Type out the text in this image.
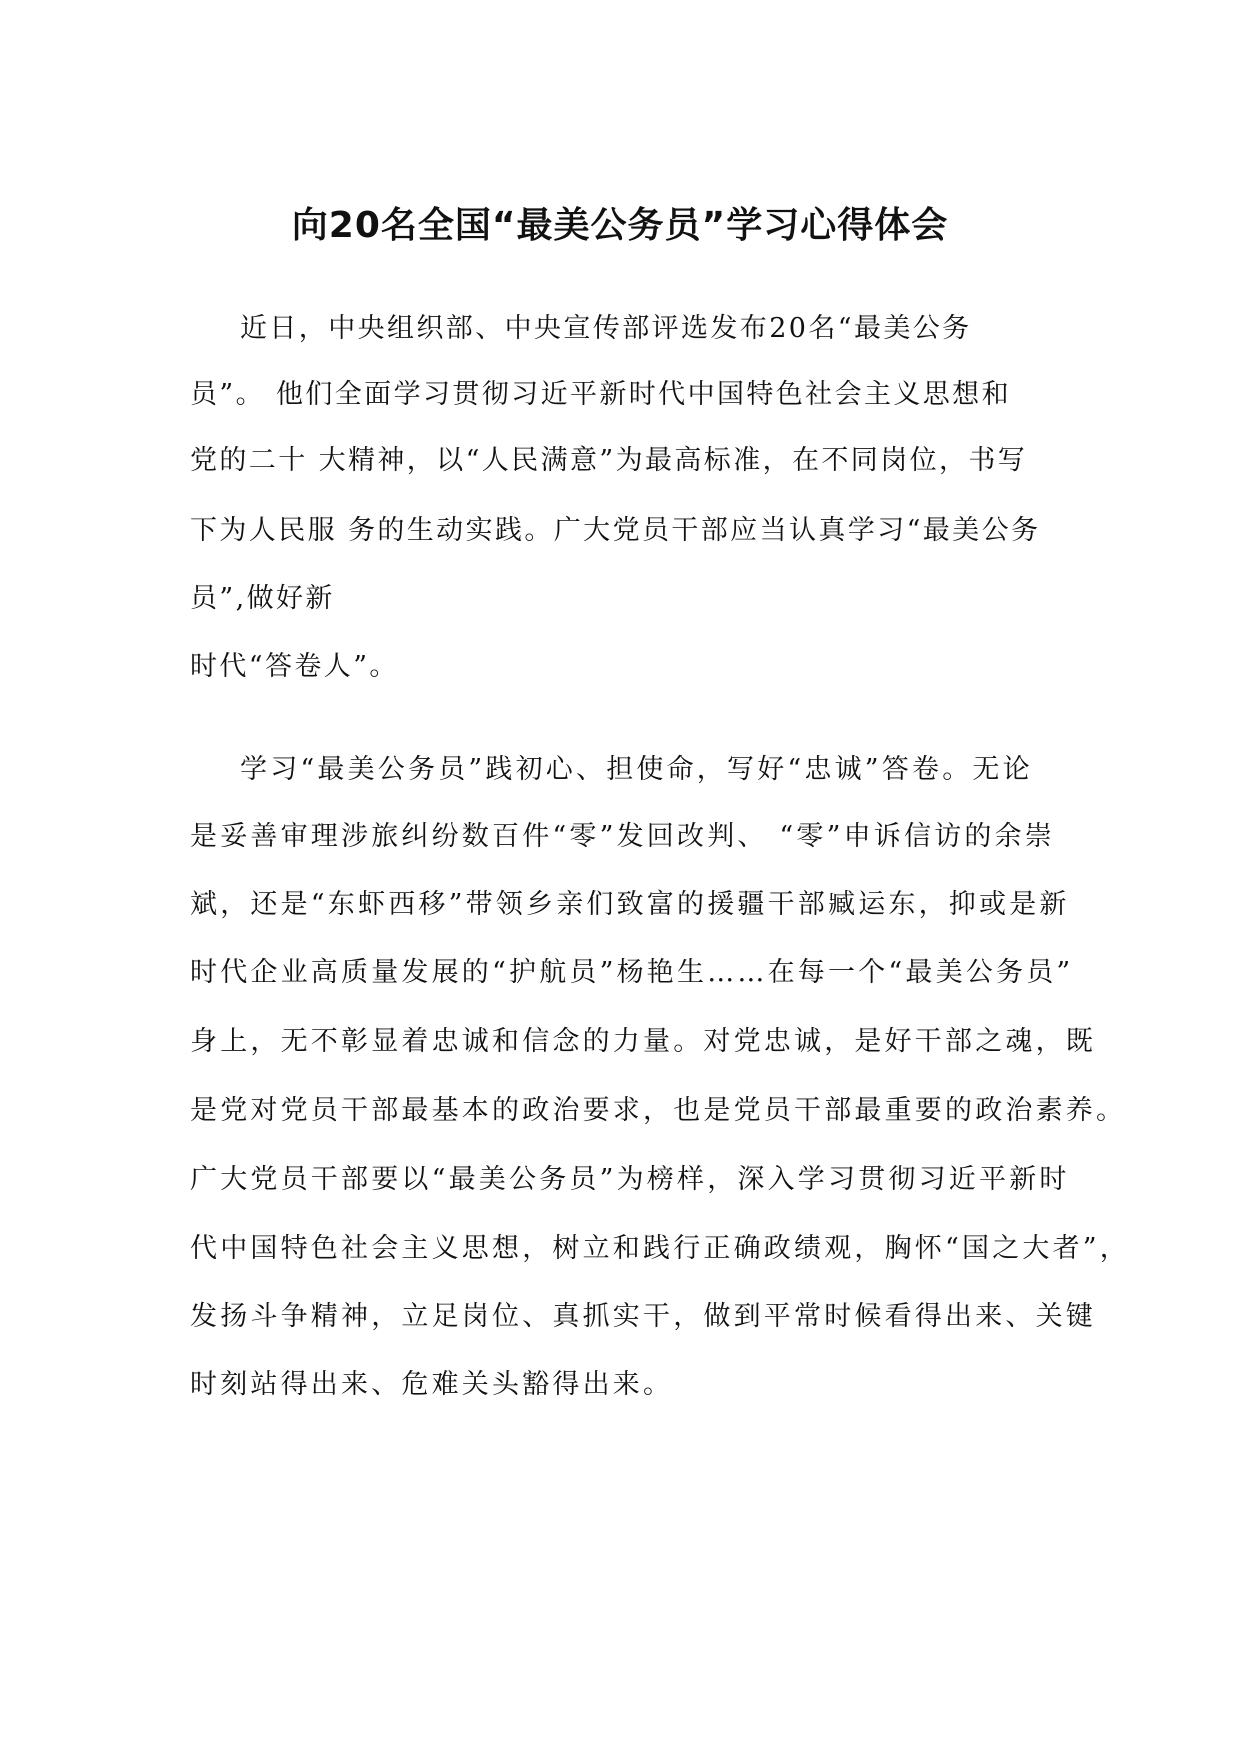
向20名全国“最美公务员”学习心得体会

近日，中央组织部、中央宣传部评选发布20名“最美公务

员”。 他们全面学习贯彻习近平新时代中国特色社会主义思想和

党的二十 大精神，以“人民满意”为最高标准，在不同岗位，书写

下为人民服 务的生动实践。广大党员干部应当认真学习“最美公务

员”,做好新

时代“答卷人”。

学习“最美公务员”践初心、担使命，写好“忠诚”答卷。无论

是妥善审理涉旅纠纷数百件“零”发回改判、 “零”申诉信访的余崇

斌，还是“东虾西移”带领乡亲们致富的援疆干部臧运东，抑或是新

时代企业高质量发展的“护航员”杨艳生……在每一个“最美公务员”

身上，无不彰显着忠诚和信念的力量。对党忠诚，是好干部之魂，既

是党对党员干部最基本的政治要求，也是党员干部最重要的政治素养。

广大党员干部要以“最美公务员”为榜样，深入学习贯彻习近平新时

代中国特色社会主义思想，树立和践行正确政绩观，胸怀“国之大者”，

发扬斗争精神，立足岗位、真抓实干，做到平常时候看得出来、关键

时刻站得出来、危难关头豁得出来。
